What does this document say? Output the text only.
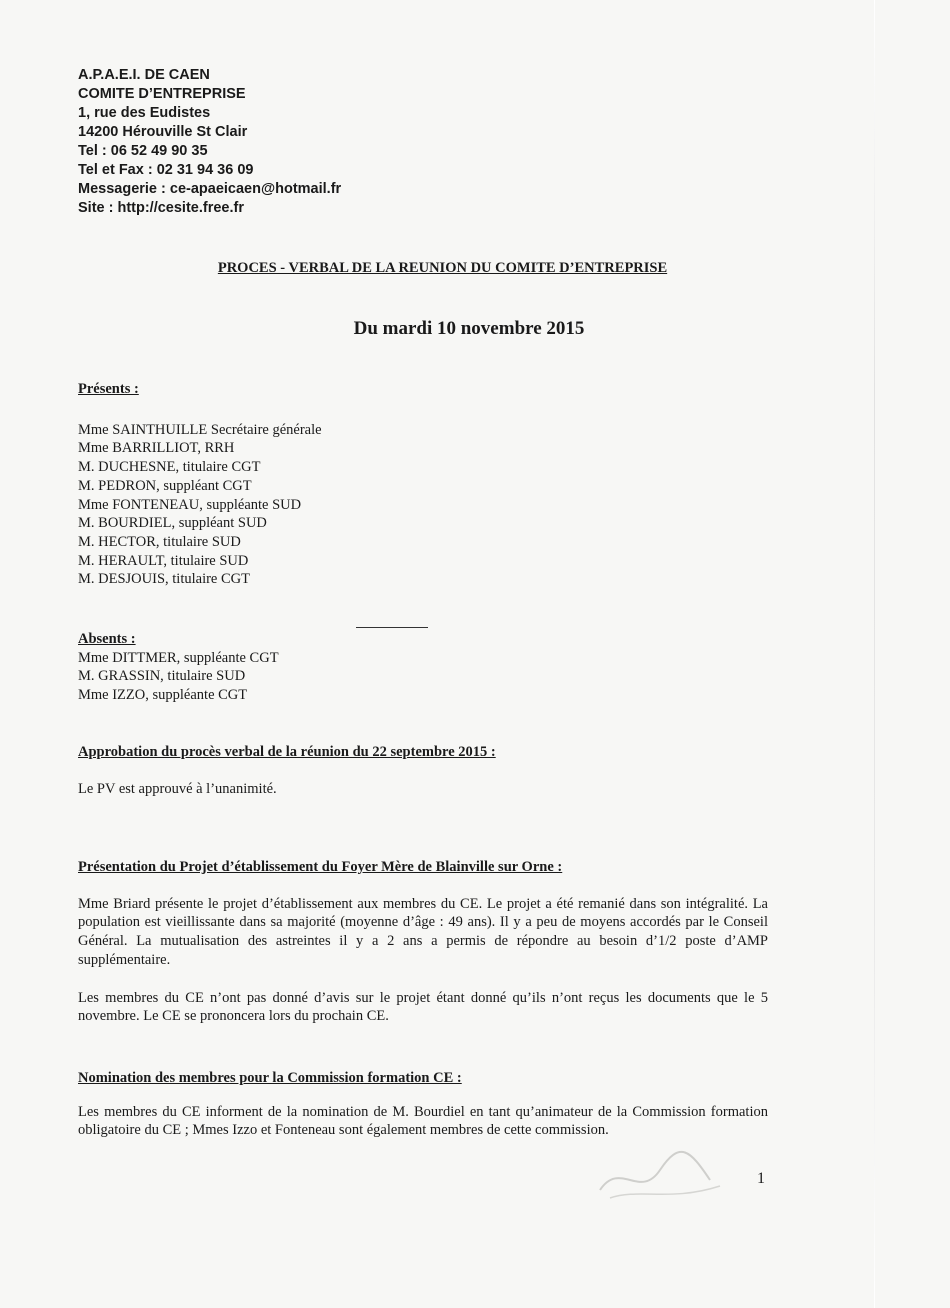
A.P.A.E.I. DE CAEN
COMITE D’ENTREPRISE
1, rue des Eudistes
14200 Hérouville St Clair
Tel : 06 52 49 90 35
Tel et Fax : 02 31 94 36 09
Messagerie : ce-apaeicaen@hotmail.fr
Site : http://cesite.free.fr
PROCES - VERBAL DE LA REUNION DU COMITE D’ENTREPRISE
Du mardi 10 novembre 2015
Présents :
Mme SAINTHUILLE Secrétaire générale
Mme BARRILLIOT, RRH
M. DUCHESNE, titulaire CGT
M. PEDRON, suppléant CGT
Mme FONTENEAU, suppléante SUD
M. BOURDIEL, suppléant SUD
M. HECTOR, titulaire SUD
M. HERAULT, titulaire SUD
M. DESJOUIS, titulaire CGT
Absents :
Mme DITTMER, suppléante CGT
M. GRASSIN, titulaire SUD
Mme IZZO, suppléante CGT
Approbation du procès verbal de la réunion du 22 septembre 2015 :
Le PV est approuvé à l’unanimité.
Présentation du Projet d’établissement du Foyer Mère de Blainville sur Orne :
Mme Briard présente le projet d’établissement aux membres du CE. Le projet a été remanié dans son intégralité. La population est vieillissante dans sa majorité (moyenne d’âge : 49 ans). Il y a peu de moyens accordés par le Conseil Général. La mutualisation des astreintes il y a 2 ans a permis de répondre au besoin d’1/2 poste d’AMP supplémentaire.
Les membres du CE n’ont pas donné d’avis sur le projet étant donné qu’ils n’ont reçus les documents que le 5 novembre. Le CE se prononcera lors du prochain CE.
Nomination des membres pour la Commission formation CE :
Les membres du CE informent de la nomination de M. Bourdiel en tant qu’animateur de la Commission formation obligatoire du CE ; Mmes Izzo et Fonteneau sont également membres de cette commission.
1
